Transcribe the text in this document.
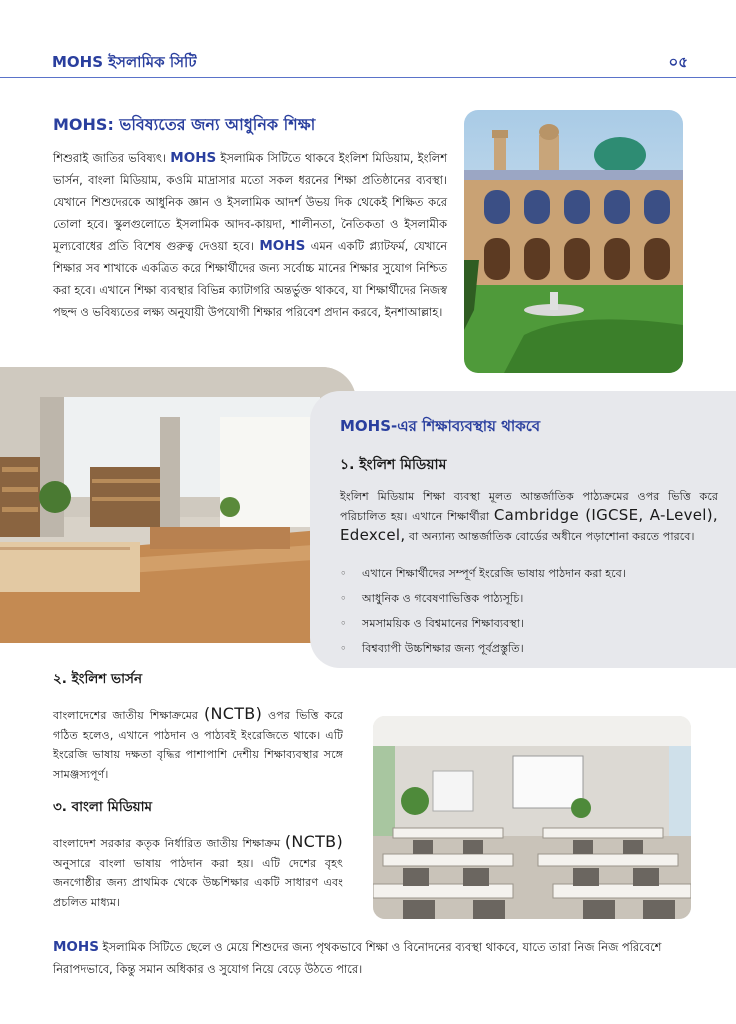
MOHS ইসলামিক সিটি	০৫
MOHS: ভবিষ্যতের জন্য আধুনিক শিক্ষা

শিশুরাই জাতির ভবিষ্যৎ। MOHS ইসলামিক সিটিতে থাকবে ইংলিশ মিডিয়াম, ইংলিশ ভার্সন, বাংলা মিডিয়াম, কওমি মাদ্রাসার মতো সকল ধরনের শিক্ষা প্রতিষ্ঠানের ব্যবস্থা। যেখানে শিশুদেরকে আধুনিক জ্ঞান ও ইসলামিক আদর্শ উভয় দিক থেকেই শিক্ষিত করে তোলা হবে। স্কুলগুলোতে ইসলামিক আদব-কায়দা, শালীনতা, নৈতিকতা ও ইসলামীক মূল্যবোধের প্রতি বিশেষ গুরুত্ব দেওয়া হবে। MOHS এমন একটি প্ল্যাটফর্ম, যেখানে শিক্ষার সব শাখাকে একত্রিত করে শিক্ষার্থীদের জন্য সর্বোচ্চ মানের শিক্ষার সুযোগ নিশ্চিত করা হবে। এখানে শিক্ষা ব্যবস্থার বিভিন্ন ক্যাটাগরি অন্তর্ভুক্ত থাকবে, যা শিক্ষার্থীদের নিজস্ব পছন্দ ও ভবিষ্যতের লক্ষ্য অনুযায়ী উপযোগী শিক্ষার পরিবেশ প্রদান করবে, ইনশাআল্লাহ।

MOHS-এর শিক্ষাব্যবস্থায় থাকবে
১. ইংলিশ মিডিয়াম

ইংলিশ মিডিয়াম শিক্ষা ব্যবস্থা মূলত আন্তর্জাতিক পাঠ্যক্রমের ওপর ভিত্তি করে পরিচালিত হয়। এখানে শিক্ষার্থীরা Cambridge (IGCSE, A-Level), Edexcel, বা অন্যান্য আন্তর্জাতিক বোর্ডের অধীনে পড়াশোনা করতে পারবে।

◦	এখানে শিক্ষার্থীদের সম্পূর্ণ ইংরেজি ভাষায় পাঠদান করা হবে।
◦	আধুনিক ও গবেষণাভিত্তিক পাঠ্যসূচি।
◦	সমসাময়িক ও বিশ্বমানের শিক্ষাব্যবস্থা।
◦	বিশ্বব্যাপী উচ্চশিক্ষার জন্য পূর্বপ্রস্তুতি।
২. ইংলিশ ভার্সন

বাংলাদেশের জাতীয় শিক্ষাক্রমের (NCTB) ওপর ভিত্তি করে গঠিত হলেও, এখানে পাঠদান ও পাঠ্যবই ইংরেজিতে থাকে। এটি ইংরেজি ভাষায় দক্ষতা বৃদ্ধির পাশাপাশি দেশীয় শিক্ষাব্যবস্থার সঙ্গে সামঞ্জস্যপূর্ণ।

৩. বাংলা মিডিয়াম

বাংলাদেশ সরকার কতৃক নির্ধারিত জাতীয় শিক্ষাক্রম (NCTB) অনুসারে বাংলা ভাষায় পাঠদান করা হয়। এটি দেশের বৃহৎ জনগোষ্ঠীর জন্য প্রাথমিক থেকে উচ্চশিক্ষার একটি সাধারণ এবং প্রচলিত মাধ্যম।

MOHS ইসলামিক সিটিতে ছেলে ও মেয়ে শিশুদের জন্য পৃথকভাবে শিক্ষা ও বিনোদনের ব্যবস্থা থাকবে, যাতে তারা নিজ নিজ পরিবেশে নিরাপদভাবে, কিন্তু সমান অধিকার ও সুযোগ নিয়ে বেড়ে উঠতে পারে।
